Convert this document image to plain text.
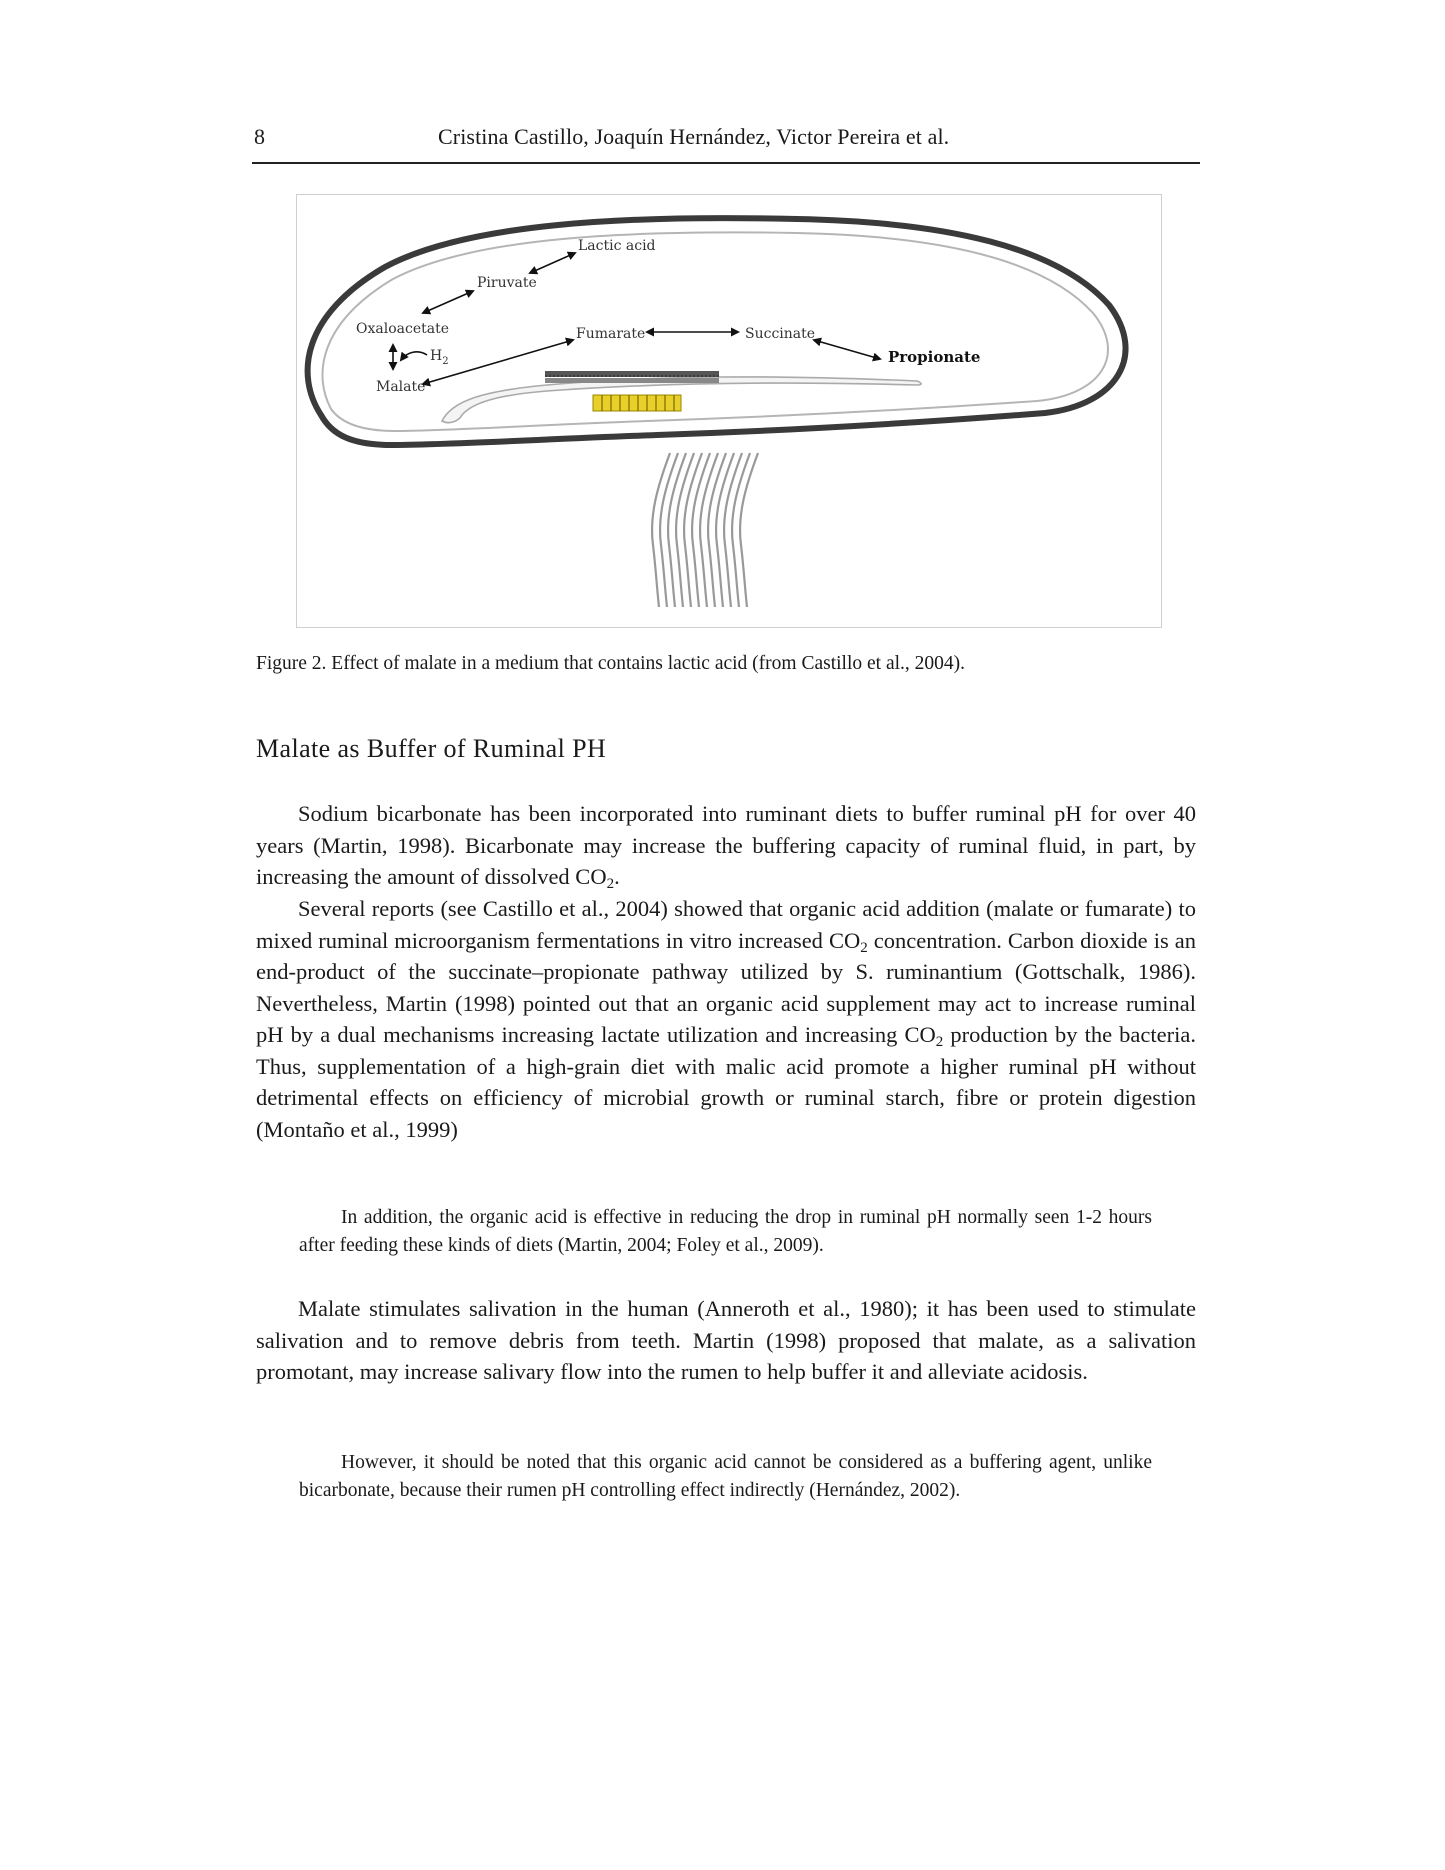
8	Cristina Castillo, Joaquín Hernández, Victor Pereira et al.
Lactic acid
Piruvate
Oxaloacetate
$H_2$
Malate
Fumarate	Succinate
Propionate
Figure 2. Effect of malate in a medium that contains lactic acid (from Castillo et al., 2004).
Malate as Buffer of Ruminal PH

Sodium bicarbonate has been incorporated into ruminant diets to buffer ruminal pH for over 40 years (Martin, 1998). Bicarbonate may increase the buffering capacity of ruminal fluid, in part, by increasing the amount of dissolved $CO_2$.

Several reports (see Castillo et al., 2004) showed that organic acid addition (malate or fumarate) to mixed ruminal microorganism fermentations in vitro increased $CO_2$ concentration. Carbon dioxide is an end-product of the succinate–propionate pathway utilized by S. ruminantium (Gottschalk, 1986). Nevertheless, Martin (1998) pointed out that an organic acid supplement may act to increase ruminal pH by a dual mechanisms increasing lactate utilization and increasing $CO_2$ production by the bacteria. Thus, supplementation of a high-grain diet with malic acid promote a higher ruminal pH without detrimental effects on efficiency of microbial growth or ruminal starch, fibre or protein digestion (Montaño et al., 1999)

In addition, the organic acid is effective in reducing the drop in ruminal pH normally seen 1-2 hours after feeding these kinds of diets (Martin, 2004; Foley et al., 2009).

Malate stimulates salivation in the human (Anneroth et al., 1980); it has been used to stimulate salivation and to remove debris from teeth. Martin (1998) proposed that malate, as a salivation promotant, may increase salivary flow into the rumen to help buffer it and alleviate acidosis.

However, it should be noted that this organic acid cannot be considered as a buffering agent, unlike bicarbonate, because their rumen pH controlling effect indirectly (Hernández, 2002).
